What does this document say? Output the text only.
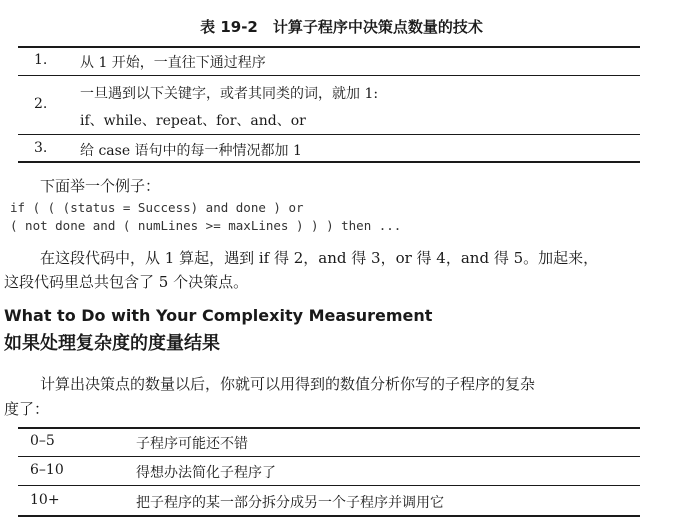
表 19-2　计算子程序中决策点数量的技术
1. 从 1 开始，一直往下通过程序
2.
一旦遇到以下关键字，或者其同类的词，就加 1:
if、while、repeat、for、and、or
3. 给 case 语句中的每一种情况都加 1
下面举一个例子：
if ( ( (status = Success) and done ) or
( not done and ( numLines >= maxLines ) ) ) then ...
在这段代码中，从 1 算起，遇到 if 得 2，and 得 3，or 得 4，and 得 5。加起来，
这段代码里总共包含了 5 个决策点。
What to Do with Your Complexity Measurement
如果处理复杂度的度量结果
计算出决策点的数量以后，你就可以用得到的数值分析你写的子程序的复杂
度了：
0–5	子程序可能还不错
6–10	得想办法简化子程序了
10+	把子程序的某一部分拆分成另一个子程序并调用它
